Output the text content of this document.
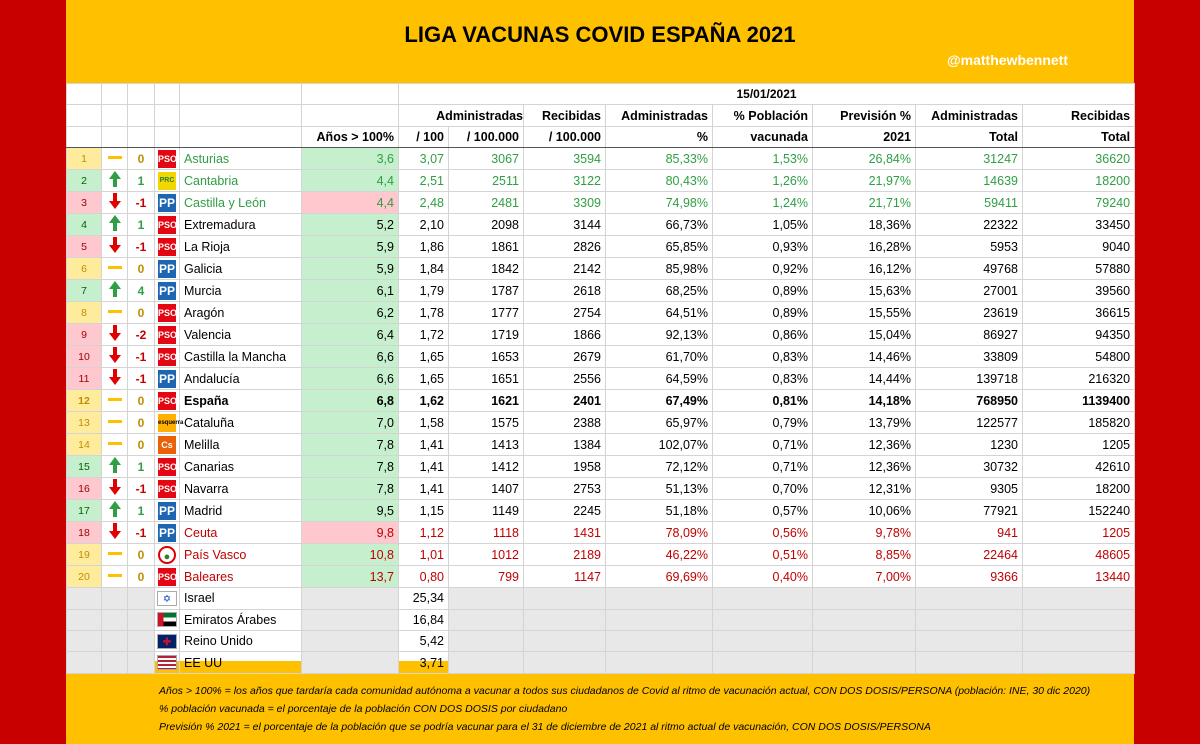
LIGA VACUNAS COVID ESPAÑA 2021
@matthewbennett
						15/01/2021							
						Administradas		Recibidas	Administradas	% Población	Previsión %	Administradas	Recibidas
					Años > 100%	/ 100	/ 100.000	/ 100.000	%	vacunada	2021	Total	Total
1		0	PSOE	Asturias	3,6	3,07	3067	3594	85,33%	1,53%	26,84%	31247	36620
2		1	PRC	Cantabria	4,4	2,51	2511	3122	80,43%	1,26%	21,97%	14639	18200
3		-1	PP	Castilla y León	4,4	2,48	2481	3309	74,98%	1,24%	21,71%	59411	79240
4		1	PSOE	Extremadura	5,2	2,10	2098	3144	66,73%	1,05%	18,36%	22322	33450
5		-1	PSOE	La Rioja	5,9	1,86	1861	2826	65,85%	0,93%	16,28%	5953	9040
6		0	PP	Galicia	5,9	1,84	1842	2142	85,98%	0,92%	16,12%	49768	57880
7		4	PP	Murcia	6,1	1,79	1787	2618	68,25%	0,89%	15,63%	27001	39560
8		0	PSOE	Aragón	6,2	1,78	1777	2754	64,51%	0,89%	15,55%	23619	36615
9		-2	PSOE	Valencia	6,4	1,72	1719	1866	92,13%	0,86%	15,04%	86927	94350
10		-1	PSOE	Castilla la Mancha	6,6	1,65	1653	2679	61,70%	0,83%	14,46%	33809	54800
11		-1	PP	Andalucía	6,6	1,65	1651	2556	64,59%	0,83%	14,44%	139718	216320
12		0	PSOE	España	6,8	1,62	1621	2401	67,49%	0,81%	14,18%	768950	1139400
13		0	esquerra	Cataluña	7,0	1,58	1575	2388	65,97%	0,79%	13,79%	122577	185820
14		0	Cs	Melilla	7,8	1,41	1413	1384	102,07%	0,71%	12,36%	1230	1205
15		1	PSOE	Canarias	7,8	1,41	1412	1958	72,12%	0,71%	12,36%	30732	42610
16		-1	PSOE	Navarra	7,8	1,41	1407	2753	51,13%	0,70%	12,31%	9305	18200
17		1	PP	Madrid	9,5	1,15	1149	2245	51,18%	0,57%	10,06%	77921	152240
18		-1	PP	Ceuta	9,8	1,12	1118	1431	78,09%	0,56%	9,78%	941	1205
19		0	●	País Vasco	10,8	1,01	1012	2189	46,22%	0,51%	8,85%	22464	48605
20		0	PSOE	Baleares	13,7	0,80	799	1147	69,69%	0,40%	7,00%	9366	13440
			✡	Israel		25,34							
				Emiratos Árabes		16,84							
			✚	Reino Unido		5,42							
				EE UU		3,71							
Años > 100% = los años que tardaría cada comunidad autónoma a vacunar a todos sus ciudadanos de Covid al ritmo de vacunación actual, CON DOS DOSIS/PERSONA (población: INE, 30 dic 2020)
% población vacunada = el porcentaje de la población CON DOS DOSIS por ciudadano
Previsión % 2021 = el porcentaje de la población que se podría vacunar para el 31 de diciembre de 2021 al ritmo actual de vacunación, CON DOS DOSIS/PERSONA
